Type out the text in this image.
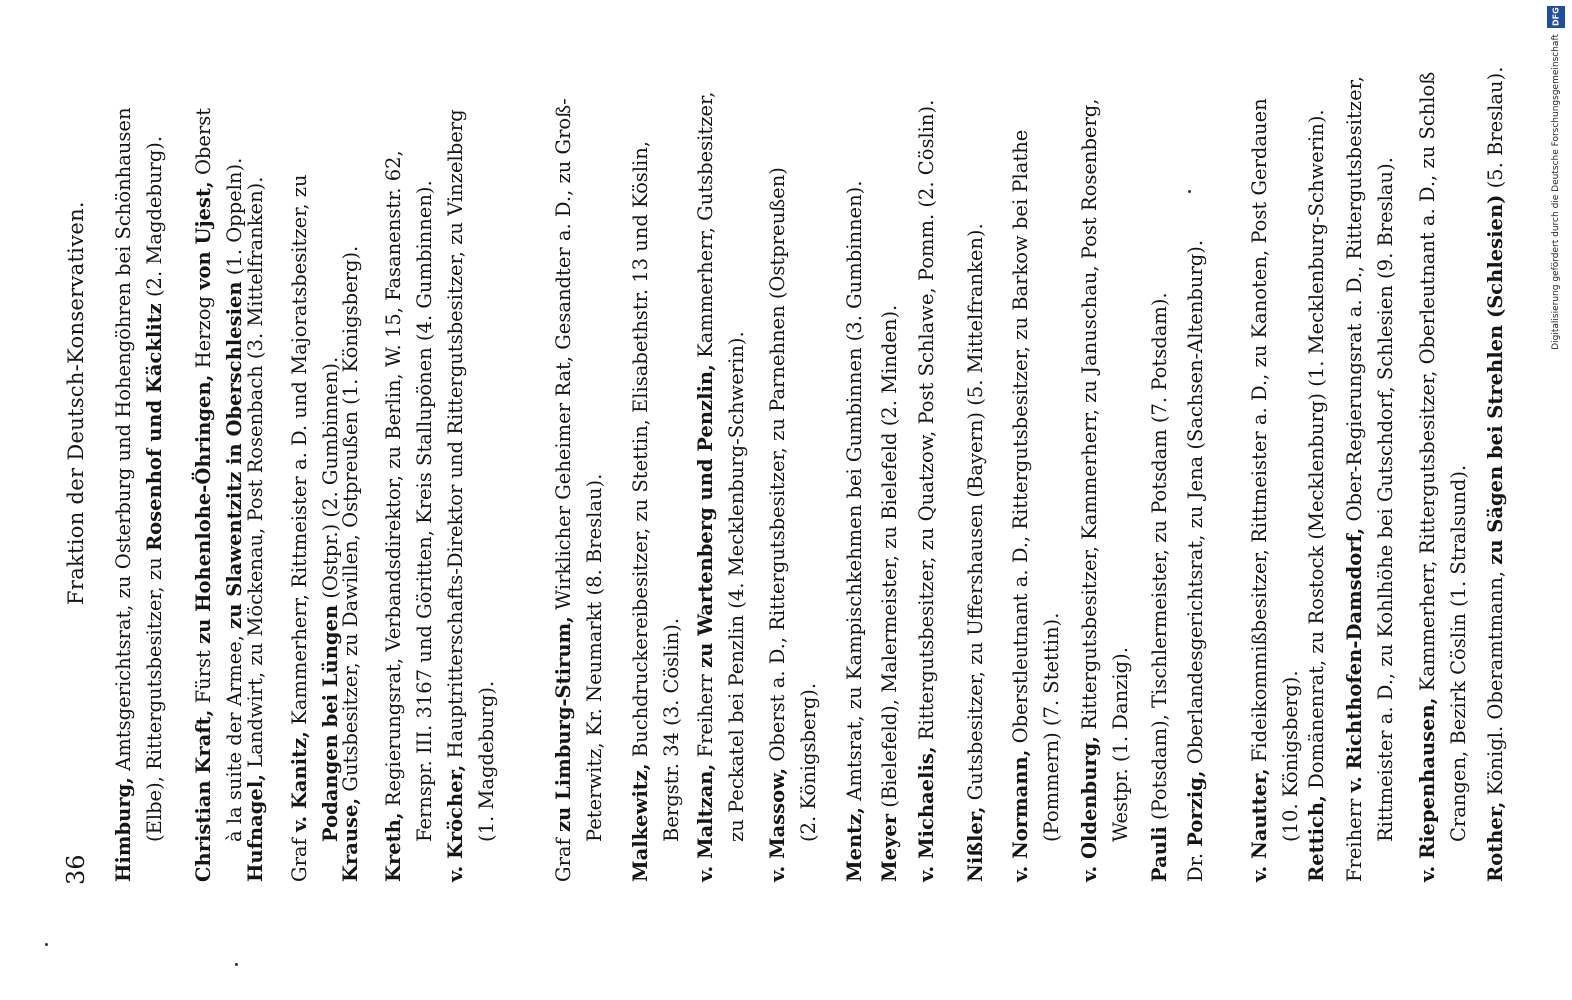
36
Fraktion der Deutsch-Konservativen.
Himburg, Amtsgerichtsrat, zu Osterburg und Hohengöhren bei Schönhausen (Elbe), Rittergutsbesitzer, zu Rosenhof und Käcklitz (2. Magdeburg).
Christian Kraft, Fürst zu Hohenlohe-Öhringen, Herzog von Ujest, Oberst
à la suite der Armee, zu Slawentzitz in Oberschlesien (1. Oppeln).
Hufnagel, Landwirt, zu Möckenau, Post Rosenbach (3. Mittelfranken).
Graf v. Kanitz, Kammerherr, Rittmeister a. D. und Majoratsbesitzer, zu Podangen bei Lüngen (Ostpr.) (2. Gumbinnen).
Krause, Gutsbesitzer, zu Dawillen, Ostpreußen (1. Königsberg).
Kreth, Regierungsrat, Verbandsdirektor, zu Berlin, W. 15, Fasanenstr. 62, Fernspr. III. 3167 und Göritten, Kreis Stallupönen (4. Gumbinnen). v. Kröcher, Hauptritterschafts-Direktor und Rittergutsbesitzer, zu Vinzelberg (1. Magdeburg).
Graf zu Limburg-Stirum, Wirklicher Geheimer Rat, Gesandter a. D., zu Groß-
Peterwitz, Kr. Neumarkt (8. Breslau). Malkewitz, Buchdruckereibesitzer, zu Stettin, Elisabethstr. 13 und Köslin, Bergstr. 34 (3. Cöslin). v. Maltzan, Freiherr zu Wartenberg und Penzlin, Kammerherr, Gutsbesitzer,
zu Peckatel bei Penzlin (4. Mecklenburg-Schwerin). v. Massow, Oberst a. D., Rittergutsbesitzer, zu Parnehnen (Ostpreußen) (2. Königsberg).
Mentz, Amtsrat, zu Kampischkehmen bei Gumbinnen (3. Gumbinnen).
Meyer (Bielefeld), Malermeister, zu Bielefeld (2. Minden).
v. Michaelis, Rittergutsbesitzer, zu Quatzow, Post Schlawe, Pomm. (2. Cöslin).
Nißler, Gutsbesitzer, zu Uffershausen (Bayern) (5. Mittelfranken).
v. Normann, Oberstleutnant a. D., Rittergutsbesitzer, zu Barkow bei Plathe (Pommern) (7. Stettin). v. Oldenburg, Rittergutsbesitzer, Kammerherr, zu Januschau, Post Rosenberg,
Westpr. (1. Danzig).
Pauli (Potsdam), Tischlermeister, zu Potsdam (7. Potsdam).
Dr. Porzig, Oberlandesgerichtsrat, zu Jena (Sachsen-Altenburg).
v. Nautter, Fideikommißbesitzer, Rittmeister a. D., zu Kanoten, Post Gerdauen (10. Königsberg). Rettich, Domänenrat, zu Rostock (Mecklenburg) (1. Mecklenburg-Schwerin).
Freiherr v. Richthofen-Damsdorf, Ober-Regierungsrat a. D., Rittergutsbesitzer, Rittmeister a. D., zu Kohlhöhe bei Gutschdorf, Schlesien (9. Breslau). v. Riepenhausen, Kammerherr, Rittergutsbesitzer, Oberleutnant a. D., zu Schloß Crangen, Bezirk Cöslin (1. Stralsund). Rother, Königl. Oberamtmann, zu Sägen bei Strehlen (Schlesien) (5. Breslau).
DFG
Digitalisierung gefördert durch die Deutsche Forschungsgemeinschaft
